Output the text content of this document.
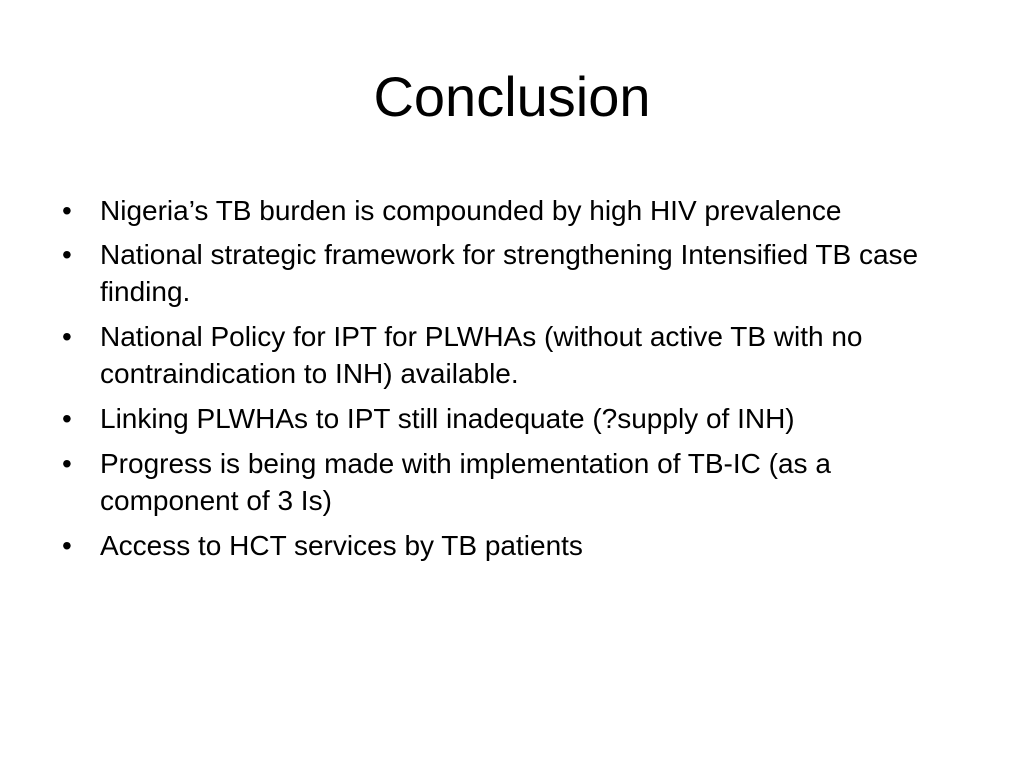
Conclusion
•	Nigeria’s TB burden is compounded by high HIV prevalence
•	National strategic framework for strengthening Intensified TB case finding.
•	National Policy for IPT for PLWHAs (without active TB with no contraindication to INH) available.
•	Linking PLWHAs to IPT still inadequate (?supply of INH)
•	Progress is being made with implementation of TB-IC (as a component of 3 Is)
•	Access to HCT services by TB patients
